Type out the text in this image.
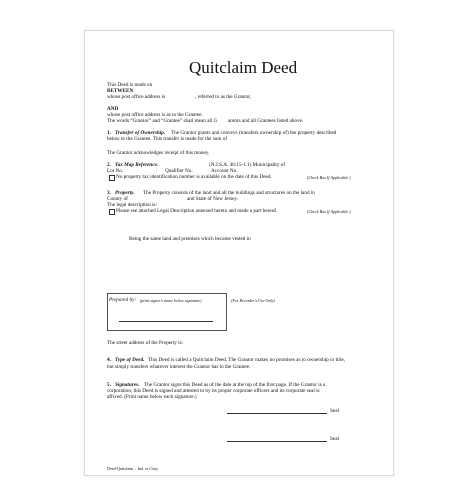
Quitclaim Deed
This Deed is made on
BETWEEN
whose post office address is	, referred to as the Grantor,
AND
whose post office address is as to the Grantee.
The words “Grantor” and “Grantee” shall mean all G antors and all Grantees listed above.
1. Transfer of Ownership. The Grantor grants and conveys (transfers ownership of) the property described
below to the Grantee. This transfer is made for the sum of
The Grantor acknowledges receipt of this money.
2. Tax Map Reference.	(N.J.S.A. 46:15-1.1) Municipality of
Lot No.	Qualifier No.	Account No.
No property tax identification number is available on the date of this Deed.	(Check Box If Applicable.)
3. Property. The Property consists of the land and all the buildings and structures on the land in
County of	and State of New Jersey.
The legal description is:
Please see attached Legal Description annexed hereto and made a part hereof.	(Check Box If Applicable.)
Being the same land and premises which became vested in
Prepared by: (print signer's name below signature)	(For Recorder's Use Only)
The street address of the Property is:
4. Type of Deed. This Deed is called a Quitclaim Deed. The Grantor makes no promises as to ownership or title,
but simply transfers whatever interest the Grantor has to the Grantee.
5. Signatures. The Grantor signs this Deed as of the date at the top of the first page. If the Grantor is a
corporation, this Deed is signed and attested to by its proper corporate officers and its corporate seal is
affixed. (Print name below each signature.)
Seal
Seal
Deed-Quitclaim – Ind. or Corp
